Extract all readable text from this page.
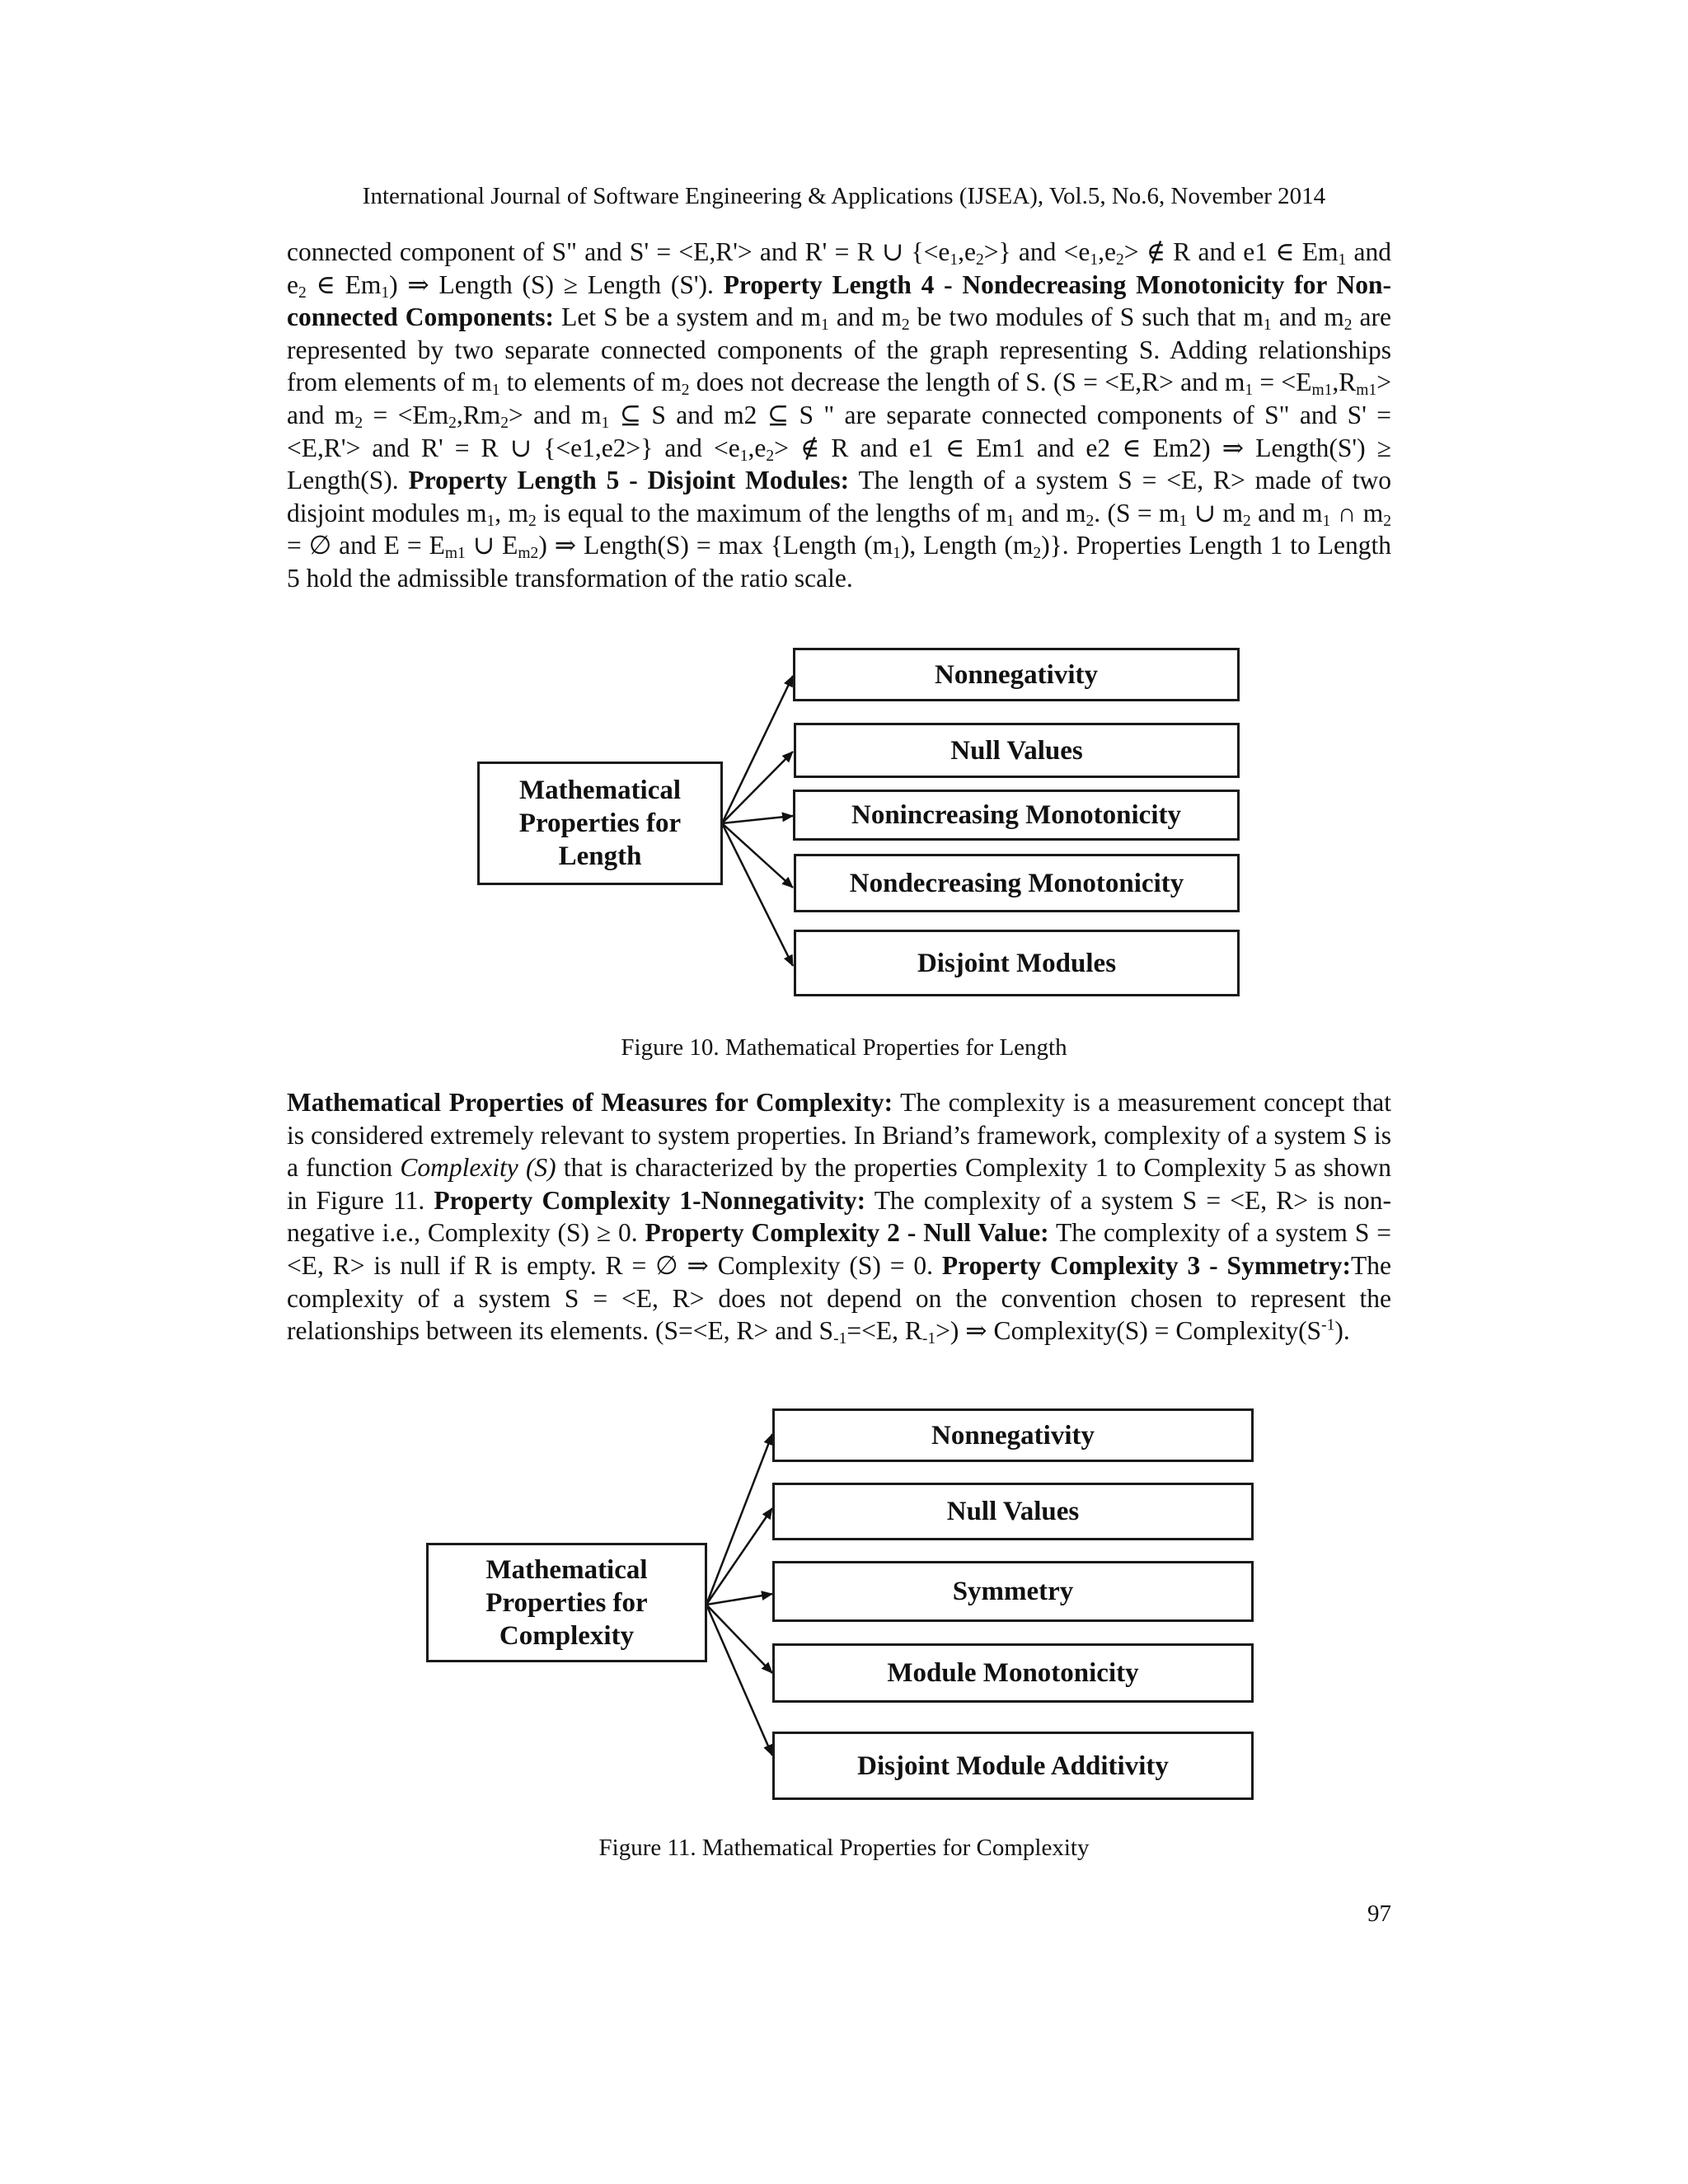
International Journal of Software Engineering & Applications (IJSEA), Vol.5, No.6, November 2014
connected component of S" and S' = <E,R'> and R' = R ∪ $\{<e_1,e_2>\}$ and $<e_1,e_2>$ ∉ R and e1 ∈ $Em_1$ and $e_2$ ∈ $Em_1$) ⇒ Length (S) ≥ Length (S'). Property Length 4 - Nondecreasing Monotonicity for Non-connected Components: Let S be a system and $m_1$ and $m_2$ be two modules of S such that $m_1$ and $m_2$ are represented by two separate connected components of the graph representing S. Adding relationships from elements of $m_1$ to elements of $m_2$ does not decrease the length of S. (S = <E,R> and $m_1 = <E_{m1},R_{m1}>$ and $m_2 = <Em_2,Rm_2>$ and $m_1$ ⊆ S and m2 ⊆ S " are separate connected components of S" and S' = <E,R'> and R' = R ∪ {<e1,e2>} and $<e_1,e_2>$ ∉ R and e1 ∈ Em1 and e2 ∈ Em2) ⇒ Length(S') ≥ Length(S). Property Length 5 - Disjoint Modules: The length of a system S = <E, R> made of two disjoint modules $m_1$, $m_2$ is equal to the maximum of the lengths of $m_1$ and $m_2$. ($S = m_1$ ∪ $m_2$ and $m_1$ ∩ $m_2$ = ∅ and $E = E_{m1}$ ∪ $E_{m2}$) ⇒ Length(S) = max {Length $(m_1)$, Length $(m_2)$}. Properties Length 1 to Length 5 hold the admissible transformation of the ratio scale.
Mathematical Properties for Length
Nonnegativity
Null Values
Nonincreasing Monotonicity
Nondecreasing Monotonicity
Disjoint Modules
Figure 10. Mathematical Properties for Length
Mathematical Properties of Measures for Complexity: The complexity is a measurement concept that is considered extremely relevant to system properties. In Briand’s framework, complexity of a system S is a function Complexity (S) that is characterized by the properties Complexity 1 to Complexity 5 as shown in Figure 11. Property Complexity 1-Nonnegativity: The complexity of a system S = <E, R> is non-negative i.e., Complexity (S) ≥ 0. Property Complexity 2 - Null Value: The complexity of a system S = <E, R> is null if R is empty. R = ∅ ⇒ Complexity (S) = 0. Property Complexity 3 - Symmetry:The complexity of a system S = <E, R> does not depend on the convention chosen to represent the relationships between its elements. (S=<E, R> and $S_{-1}=<E$, $R_{-1}>$) ⇒ Complexity(S) = $Complexity(S^{-1})$.
Mathematical Properties for Complexity
Nonnegativity
Null Values
Symmetry
Module Monotonicity
Disjoint Module Additivity
Figure 11. Mathematical Properties for Complexity
97
